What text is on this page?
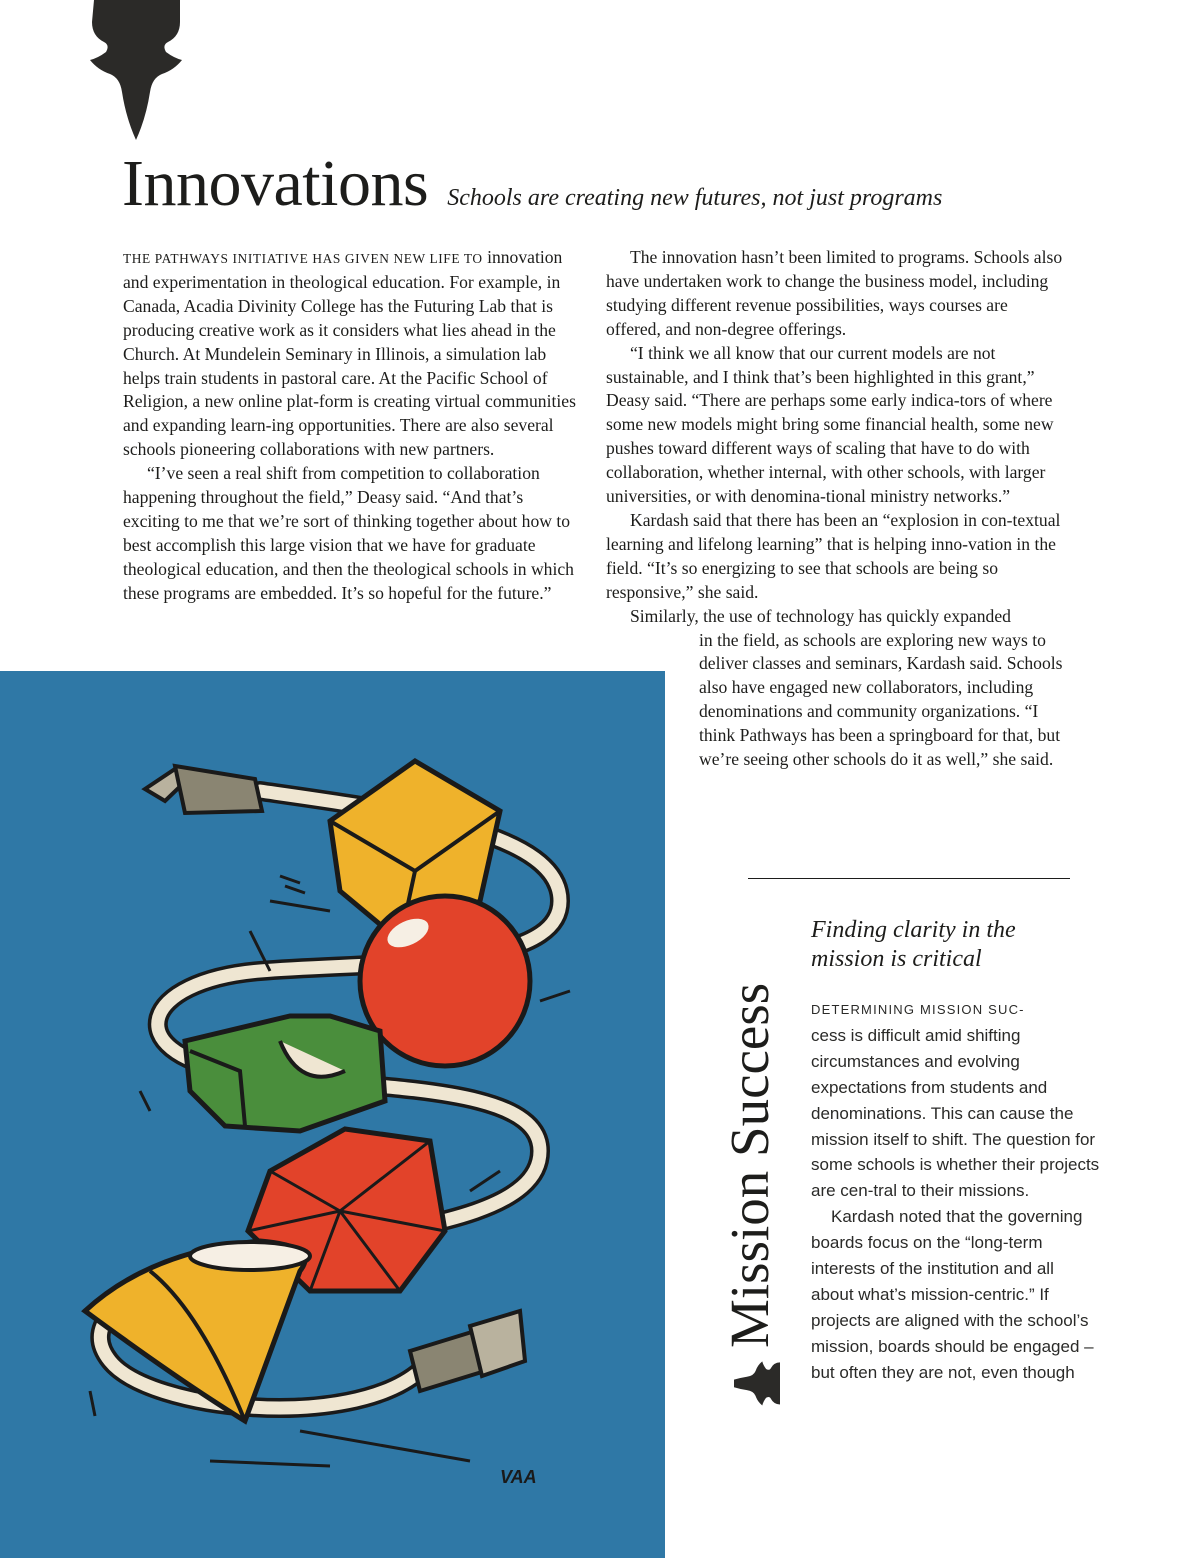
Innovations Schools are creating new futures, not just programs

THE PATHWAYS INITIATIVE HAS GIVEN NEW LIFE TO innovation and experimentation in theological education. For example, in Canada, Acadia Divinity College has the Futuring Lab that is producing creative work as it considers what lies ahead in the Church. At Mundelein Seminary in Illinois, a simulation lab helps train students in pastoral care. At the Pacific School of Religion, a new online plat-form is creating virtual communities and expanding learn-ing opportunities. There are also several schools pioneering collaborations with new partners.

“I’ve seen a real shift from competition to collaboration happening throughout the field,” Deasy said. “And that’s exciting to me that we’re sort of thinking together about how to best accomplish this large vision that we have for graduate theological education, and then the theological schools in which these programs are embedded. It’s so hopeful for the future.”

The innovation hasn’t been limited to programs. Schools also have undertaken work to change the business model, including studying different revenue possibilities, ways courses are offered, and non-degree offerings.

“I think we all know that our current models are not sustainable, and I think that’s been highlighted in this grant,” Deasy said. “There are perhaps some early indica-tors of where some new models might bring some financial health, some new pushes toward different ways of scaling that have to do with collaboration, whether internal, with other schools, with larger universities, or with denomina-tional ministry networks.”

Kardash said that there has been an “explosion in con-textual learning and lifelong learning” that is helping inno-vation in the field. “It’s so energizing to see that schools are being so responsive,” she said.

Similarly, the use of technology has quickly expanded
in the field, as schools are exploring new ways to deliver classes and seminars, Kardash said. Schools also have engaged new collaborators, including denominations and community organizations. “I think Pathways has been a springboard for that, but we’re seeing other schools do it as well,” she said.

VAA
Mission Success
Finding clarity in the mission is critical

DETERMINING MISSION SUC-
cess is difficult amid shifting circumstances and evolving expectations from students and denominations. This can cause the mission itself to shift. The question for some schools is whether their projects are cen-tral to their missions.

Kardash noted that the governing boards focus on the “long-term interests of the institution and all about what’s mission-centric.” If projects are aligned with the school’s mission, boards should be engaged – but often they are not, even though
